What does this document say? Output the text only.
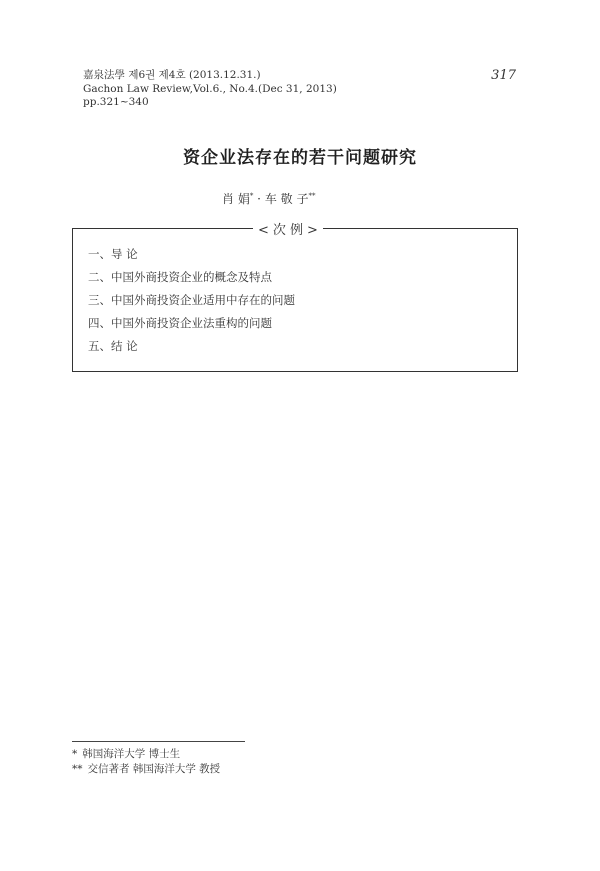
嘉泉法學 제6권 제4호 (2013.12.31.)
Gachon Law Review,Vol.6., No.4.(Dec 31, 2013)
pp.321~340
317
资企业法存在的若干问题研究
肖 娟* · 车 敬 子**
< 次 例 >
一、导 论
二、中国外商投资企业的概念及特点
三、中国外商投资企业适用中存在的问题
四、中国外商投资企业法重构的问题
五、结 论
* 韩国海洋大学 博士生
** 交信著者 韩国海洋大学 教授
